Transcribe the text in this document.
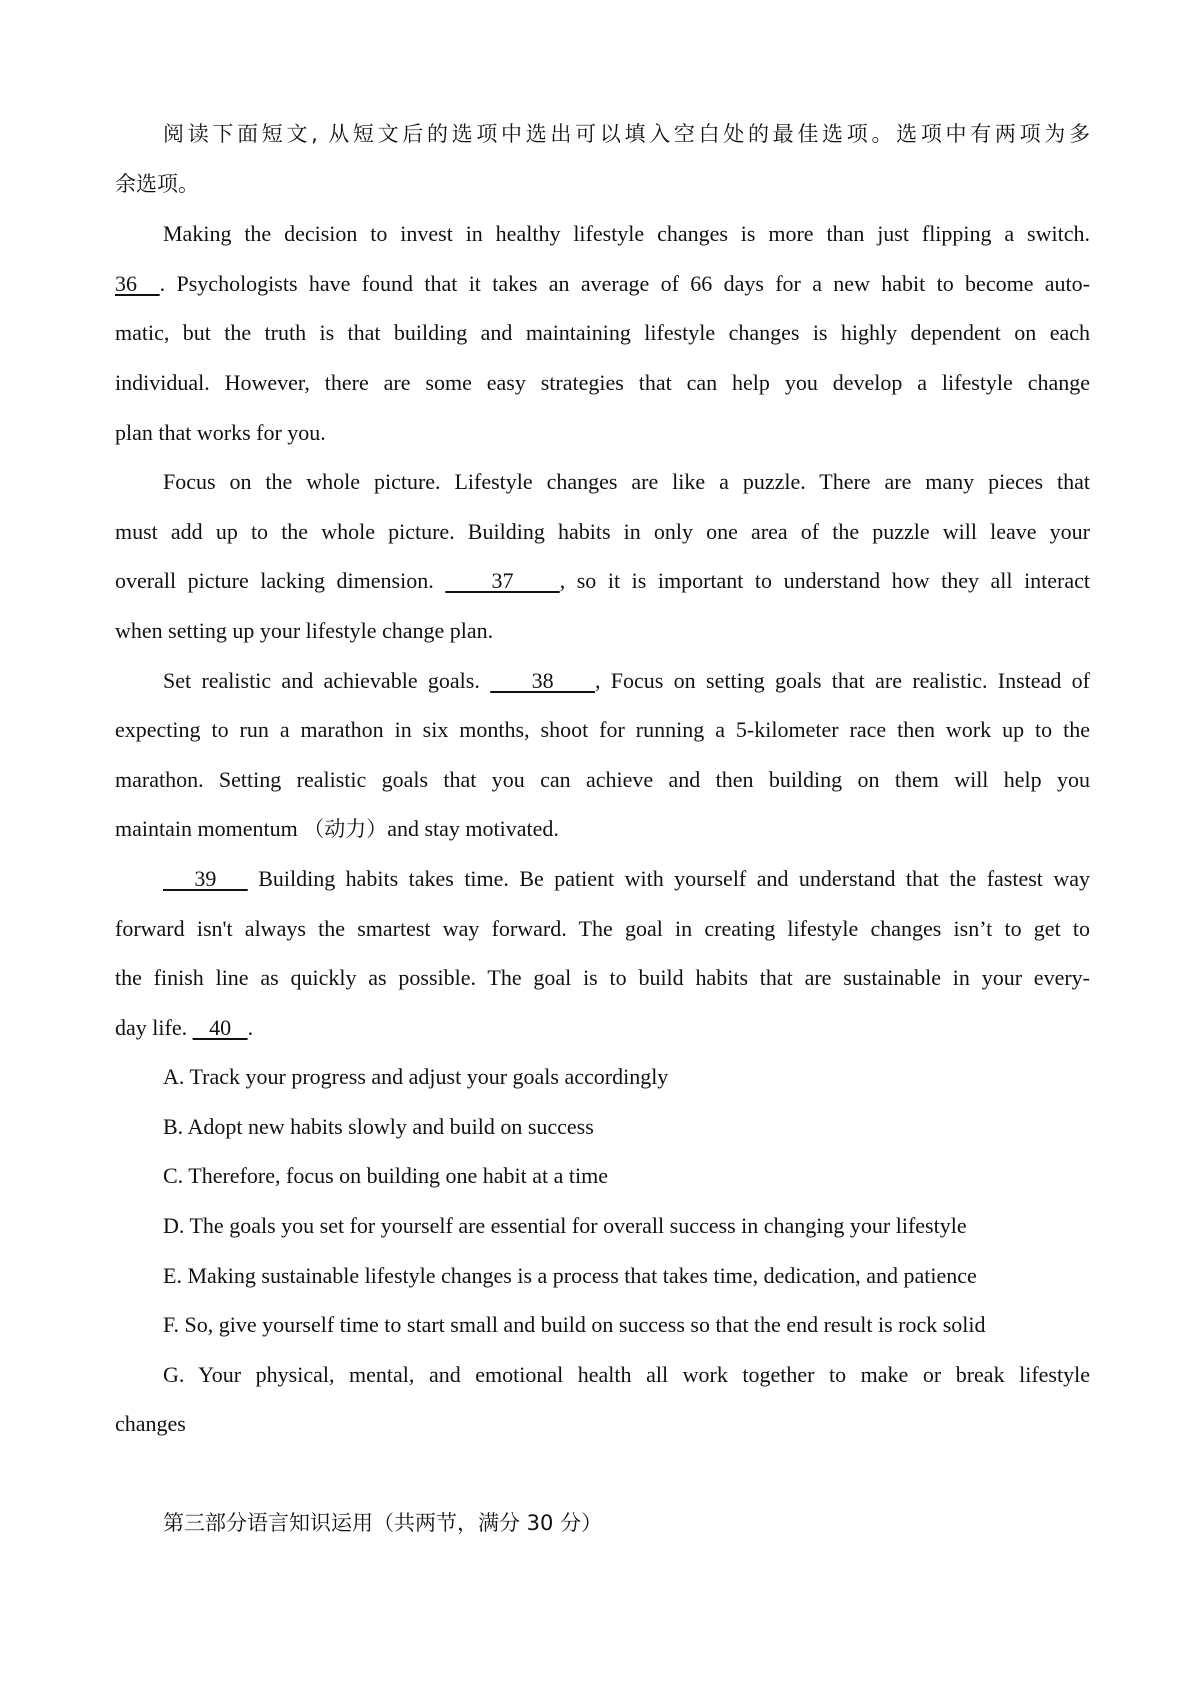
阅读下面短文, 从短文后的选项中选出可以填入空白处的最佳选项。选项中有两项为多
余选项。
Making the decision to invest in healthy lifestyle changes is more than just flipping a switch.
36  . Psychologists have found that it takes an average of 66 days for a new habit to become auto-
matic, but the truth is that building and maintaining lifestyle changes is highly dependent on each
individual. However, there are some easy strategies that can help you develop a lifestyle change
plan that works for you.
Focus on the whole picture. Lifestyle changes are like a puzzle. There are many pieces that
must add up to the whole picture. Building habits in only one area of the puzzle will leave your
overall picture lacking dimension.     37    , so it is important to understand how they all interact
when setting up your lifestyle change plan.
Set realistic and achievable goals.     38    , Focus on setting goals that are realistic. Instead of
expecting to run a marathon in six months, shoot for running a 5-kilometer race then work up to the
marathon. Setting realistic goals that you can achieve and then building on them will help you
maintain momentum （动力）and stay motivated.
39    Building habits takes time. Be patient with yourself and understand that the fastest way
forward isn't always the smartest way forward. The goal in creating lifestyle changes isn’t to get to
the finish line as quickly as possible. The goal is to build habits that are sustainable in your every-
day life.    40   .
A. Track your progress and adjust your goals accordingly
B. Adopt new habits slowly and build on success
C. Therefore, focus on building one habit at a time
D. The goals you set for yourself are essential for overall success in changing your lifestyle
E. Making sustainable lifestyle changes is a process that takes time, dedication, and patience
F. So, give yourself time to start small and build on success so that the end result is rock solid
G. Your physical, mental, and emotional health all work together to make or break lifestyle
changes
第三部分语言知识运用（共两节，满分 30 分）
